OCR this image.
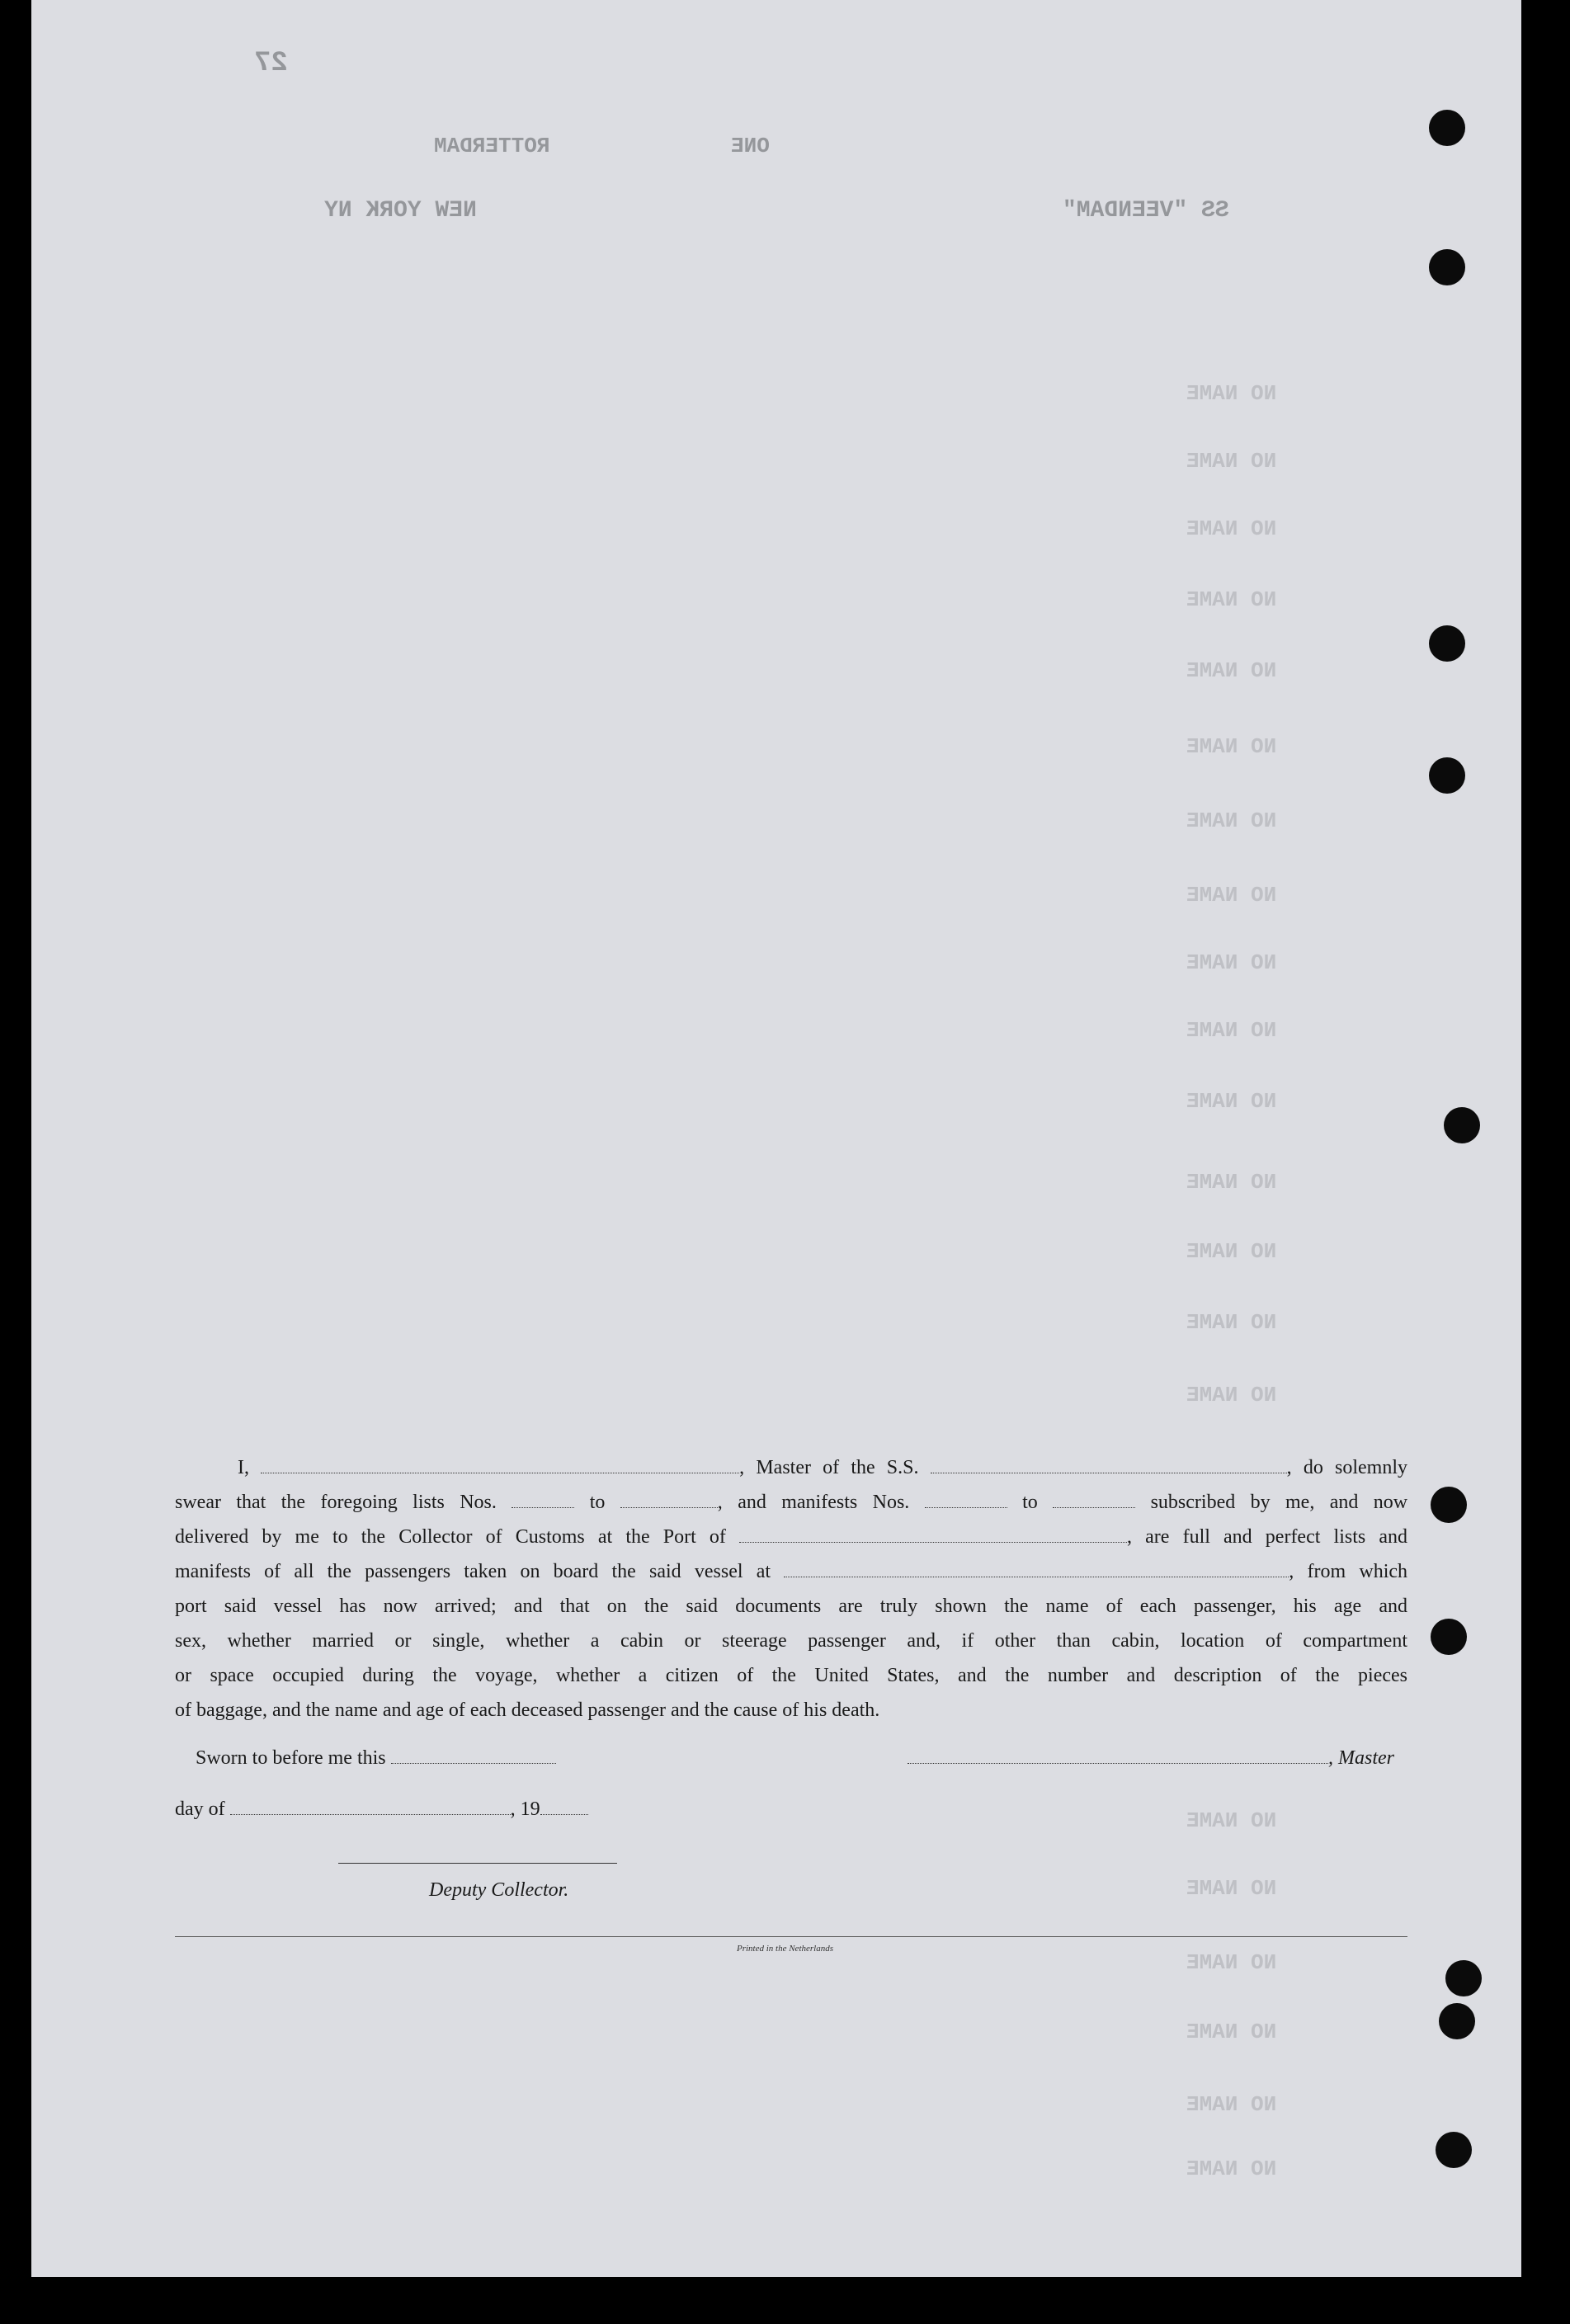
27
ONE
ROTTERDAM
SS "VEENDAM"
NEW YORK NY
NO NAME
NO NAME
NO NAME
NO NAME
NO NAME
NO NAME
NO NAME
NO NAME
NO NAME
NO NAME
NO NAME
NO NAME
NO NAME
NO NAME
NO NAME
NO NAME
NO NAME
NO NAME
NO NAME
NO NAME
NO NAME

I,	, Master of the S.S.	, do solemnly

swear that the foregoing lists Nos.	to	, and manifests Nos.	to	subscribed by me, and now

delivered by me to the Collector of Customs at the Port of	, are full and perfect lists and

manifests of all the passengers taken on board the said vessel at	, from which

port said vessel has now arrived; and that on the said documents are truly shown the name of each passenger, his age and

sex, whether married or single, whether a cabin or steerage passenger and, if other than cabin, location of compartment

or space occupied during the voyage, whether a citizen of the United States, and the number and description of the pieces

of baggage, and the name and age of each deceased passenger and the cause of his death.

Sworn to before me this	, Master
day of	, 19
Deputy Collector.
Printed in the Netherlands
